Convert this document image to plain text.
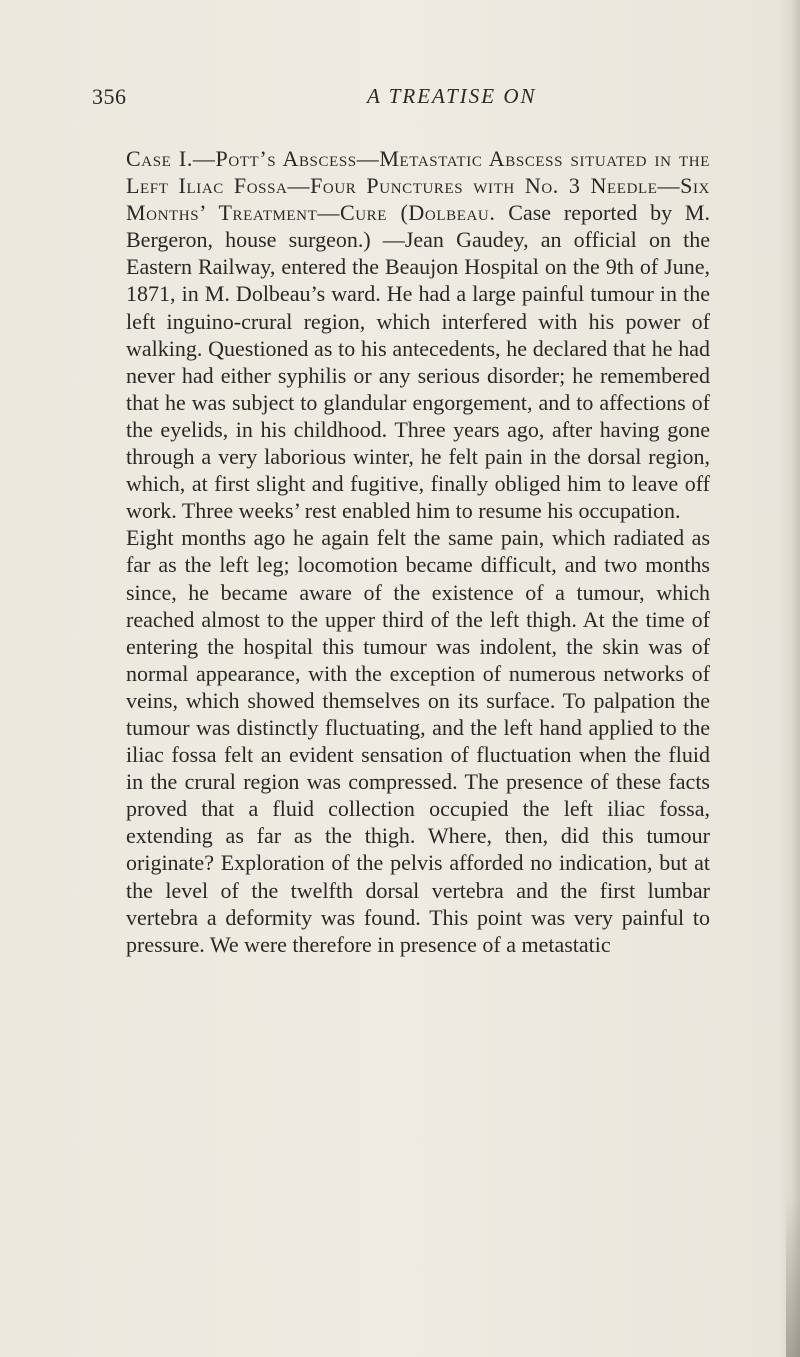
356	A TREATISE ON

Case I.—Pott’s Abscess—Metastatic Abscess situated in the Left Iliac Fossa—Four Punctures with No. 3 Needle—Six Months’ Treatment—Cure (Dolbeau. Case reported by M. Bergeron, house surgeon.) —Jean Gaudey, an official on the Eastern Railway, entered the Beaujon Hospital on the 9th of June, 1871, in M. Dolbeau’s ward. He had a large painful tumour in the left inguino-crural region, which interfered with his power of walking. Questioned as to his antecedents, he declared that he had never had either syphilis or any serious disorder; he remembered that he was subject to glandular engorgement, and to affections of the eyelids, in his childhood. Three years ago, after having gone through a very laborious winter, he felt pain in the dorsal region, which, at first slight and fugitive, finally obliged him to leave off work. Three weeks’ rest enabled him to resume his occupation.

Eight months ago he again felt the same pain, which radiated as far as the left leg; locomotion became difficult, and two months since, he became aware of the existence of a tumour, which reached almost to the upper third of the left thigh. At the time of entering the hospital this tumour was indolent, the skin was of normal appearance, with the exception of numerous networks of veins, which showed themselves on its surface. To palpation the tumour was distinctly fluctuating, and the left hand applied to the iliac fossa felt an evident sensation of fluctuation when the fluid in the crural region was compressed. The presence of these facts proved that a fluid collection occupied the left iliac fossa, extending as far as the thigh. Where, then, did this tumour originate? Exploration of the pelvis afforded no indication, but at the level of the twelfth dorsal vertebra and the first lumbar vertebra a deformity was found. This point was very painful to pressure. We were therefore in presence of a metastatic
